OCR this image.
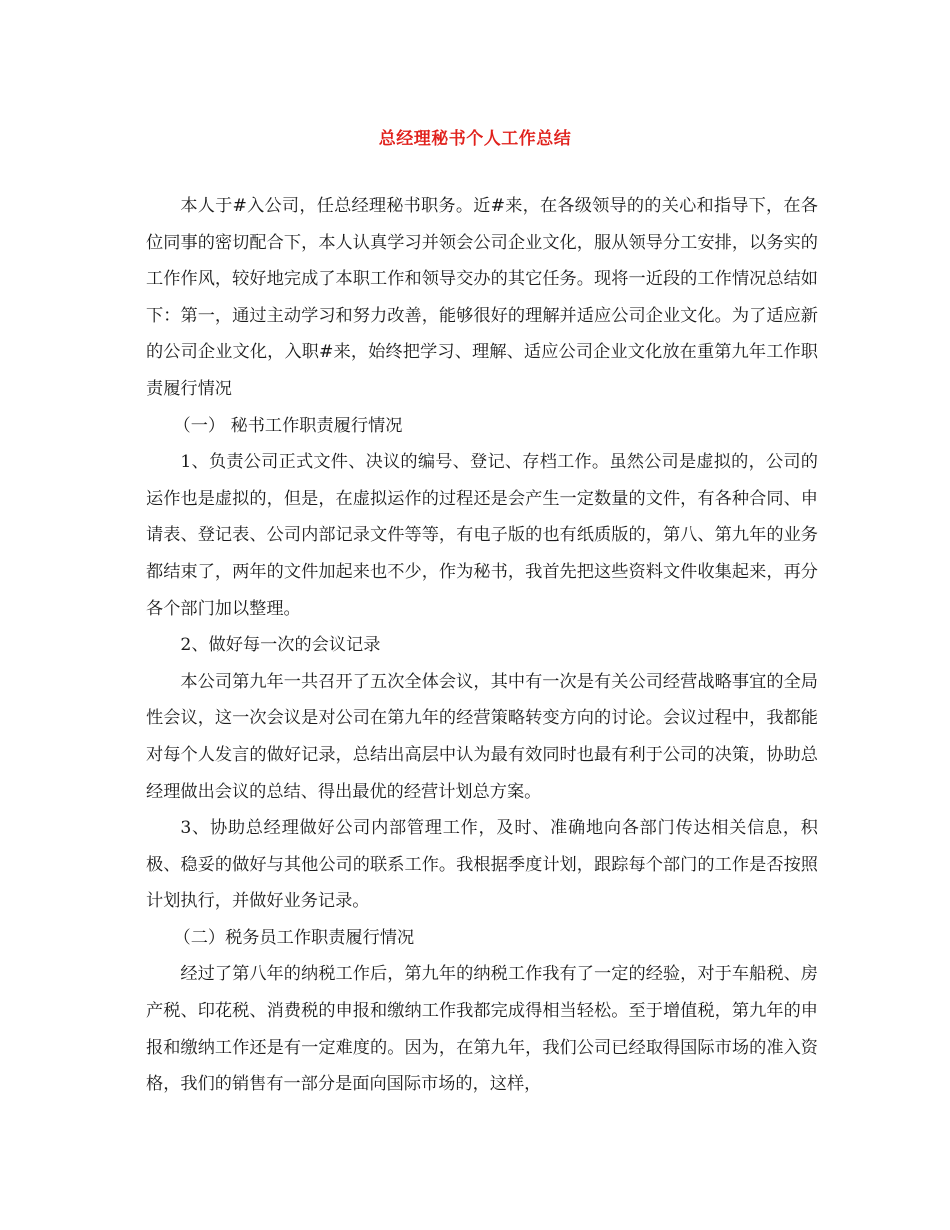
总经理秘书个人工作总结

本人于#入公司，任总经理秘书职务。近#来，在各级领导的的关心和指导下，在各位同事的密切配合下，本人认真学习并领会公司企业文化，服从领导分工安排，以务实的工作作风，较好地完成了本职工作和领导交办的其它任务。现将一近段的工作情况总结如下：第一，通过主动学习和努力改善，能够很好的理解并适应公司企业文化。为了适应新的公司企业文化，入职#来，始终把学习、理解、适应公司企业文化放在重第九年工作职责履行情况

（一） 秘书工作职责履行情况

1、负责公司正式文件、决议的编号、登记、存档工作。虽然公司是虚拟的，公司的运作也是虚拟的，但是，在虚拟运作的过程还是会产生一定数量的文件，有各种合同、申请表、登记表、公司内部记录文件等等，有电子版的也有纸质版的，第八、第九年的业务都结束了，两年的文件加起来也不少，作为秘书，我首先把这些资料文件收集起来，再分各个部门加以整理。

2、做好每一次的会议记录

本公司第九年一共召开了五次全体会议，其中有一次是有关公司经营战略事宜的全局性会议，这一次会议是对公司在第九年的经营策略转变方向的讨论。会议过程中，我都能对每个人发言的做好记录，总结出高层中认为最有效同时也最有利于公司的决策，协助总经理做出会议的总结、得出最优的经营计划总方案。

3、协助总经理做好公司内部管理工作，及时、准确地向各部门传达相关信息，积极、稳妥的做好与其他公司的联系工作。我根据季度计划，跟踪每个部门的工作是否按照计划执行，并做好业务记录。

（二）税务员工作职责履行情况

经过了第八年的纳税工作后，第九年的纳税工作我有了一定的经验，对于车船税、房产税、印花税、消费税的申报和缴纳工作我都完成得相当轻松。至于增值税，第九年的申报和缴纳工作还是有一定难度的。因为，在第九年，我们公司已经取得国际市场的准入资格，我们的销售有一部分是面向国际市场的，这样，
